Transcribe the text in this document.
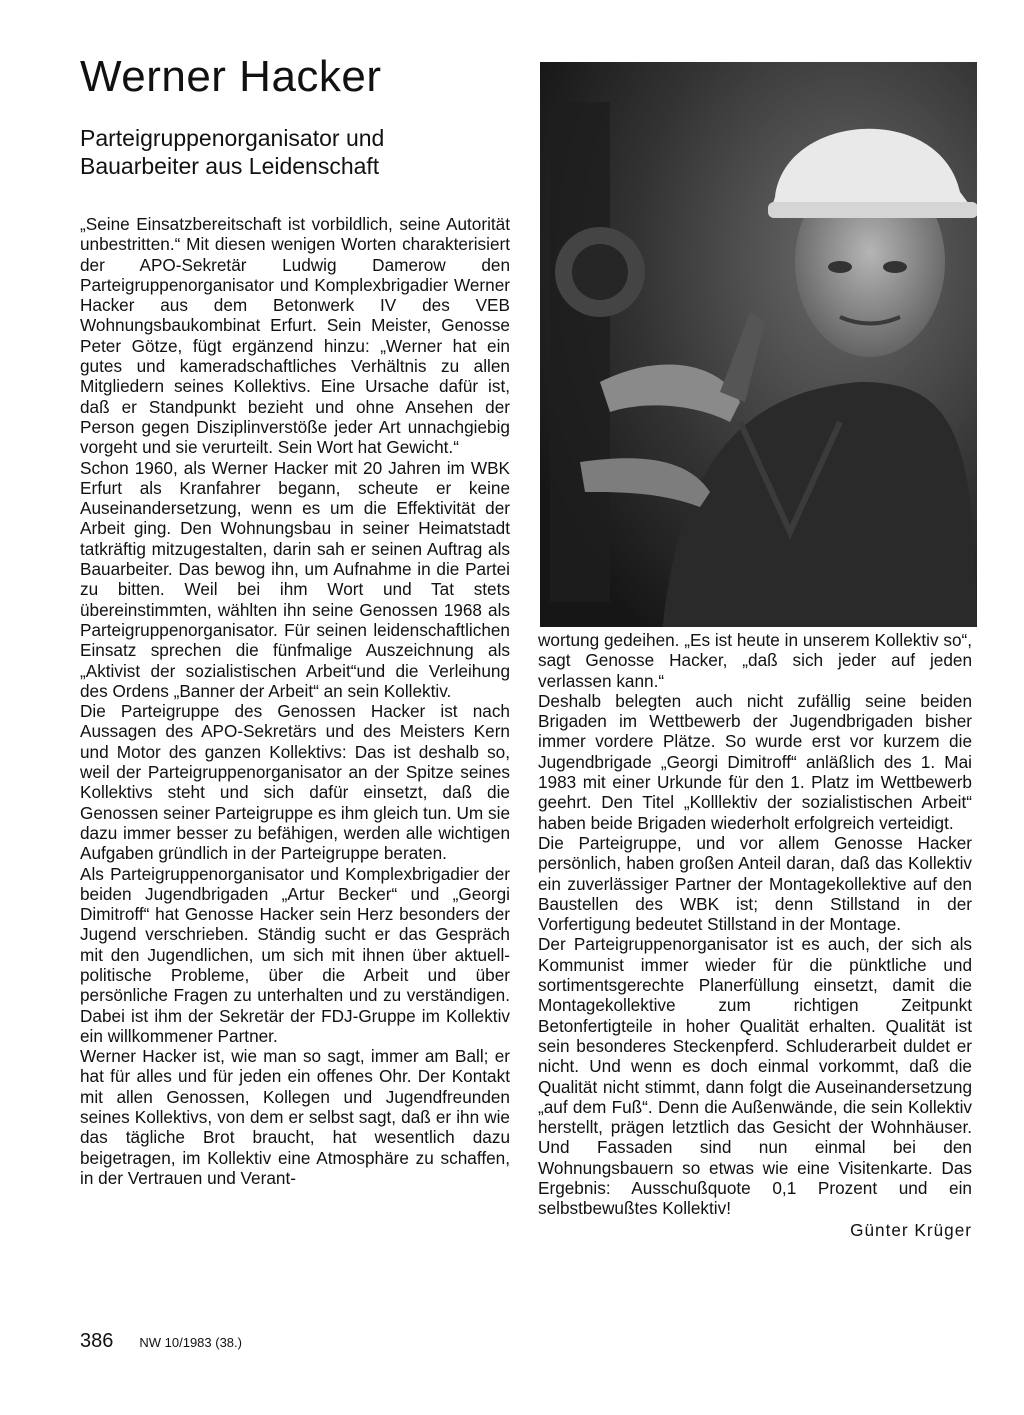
Werner Hacker
Parteigruppenorganisator und Bauarbeiter aus Leidenschaft

„Seine Einsatzbereitschaft ist vorbildlich, seine Autorität unbestritten.“ Mit diesen wenigen Worten charakterisiert der APO-Sekretär Ludwig Damerow den Parteigruppenorganisator und Komplexbrigadier Werner Hacker aus dem Betonwerk IV des VEB Wohnungsbaukombinat Erfurt. Sein Meister, Genosse Peter Götze, fügt ergänzend hinzu: „Werner hat ein gutes und kameradschaftliches Verhältnis zu allen Mitgliedern seines Kollektivs. Eine Ursache dafür ist, daß er Standpunkt bezieht und ohne Ansehen der Person gegen Disziplinverstöße jeder Art unnachgiebig vorgeht und sie verurteilt. Sein Wort hat Gewicht.“

Schon 1960, als Werner Hacker mit 20 Jahren im WBK Erfurt als Kranfahrer begann, scheute er keine Auseinandersetzung, wenn es um die Effektivität der Arbeit ging. Den Wohnungsbau in seiner Heimatstadt tatkräftig mitzugestalten, darin sah er seinen Auftrag als Bauarbeiter. Das bewog ihn, um Aufnahme in die Partei zu bitten. Weil bei ihm Wort und Tat stets übereinstimmten, wählten ihn seine Genossen 1968 als Parteigruppenorganisator. Für seinen leidenschaftlichen Einsatz sprechen die fünfmalige Auszeichnung als „Aktivist der sozialistischen Arbeit“und die Verleihung des Ordens „Banner der Arbeit“ an sein Kollektiv.

Die Parteigruppe des Genossen Hacker ist nach Aussagen des APO-Sekretärs und des Meisters Kern und Motor des ganzen Kollektivs: Das ist deshalb so, weil der Parteigruppenorganisator an der Spitze seines Kollektivs steht und sich dafür einsetzt, daß die Genossen seiner Parteigruppe es ihm gleich tun. Um sie dazu immer besser zu befähigen, werden alle wichtigen Aufgaben gründlich in der Parteigruppe beraten.

Als Parteigruppenorganisator und Komplexbrigadier der beiden Jugendbrigaden „Artur Becker“ und „Georgi Dimitroff“ hat Genosse Hacker sein Herz besonders der Jugend verschrieben. Ständig sucht er das Gespräch mit den Jugendlichen, um sich mit ihnen über aktuell-politische Probleme, über die Arbeit und über persönliche Fragen zu unterhalten und zu verständigen. Dabei ist ihm der Sekretär der FDJ-Gruppe im Kollektiv ein willkommener Partner.

Werner Hacker ist, wie man so sagt, immer am Ball; er hat für alles und für jeden ein offenes Ohr. Der Kontakt mit allen Genossen, Kollegen und Jugendfreunden seines Kollektivs, von dem er selbst sagt, daß er ihn wie das tägliche Brot braucht, hat wesentlich dazu beigetragen, im Kollektiv eine Atmosphäre zu schaffen, in der Vertrauen und Verant-

wortung gedeihen. „Es ist heute in unserem Kollektiv so“, sagt Genosse Hacker, „daß sich jeder auf jeden verlassen kann.“

Deshalb belegten auch nicht zufällig seine beiden Brigaden im Wettbewerb der Jugendbrigaden bisher immer vordere Plätze. So wurde erst vor kurzem die Jugendbrigade „Georgi Dimitroff“ anläßlich des 1. Mai 1983 mit einer Urkunde für den 1. Platz im Wettbewerb geehrt. Den Titel „Kolllektiv der sozialistischen Arbeit“ haben beide Brigaden wiederholt erfolgreich verteidigt.

Die Parteigruppe, und vor allem Genosse Hacker persönlich, haben großen Anteil daran, daß das Kollektiv ein zuverlässiger Partner der Montagekollektive auf den Baustellen des WBK ist; denn Stillstand in der Vorfertigung bedeutet Stillstand in der Montage.

Der Parteigruppenorganisator ist es auch, der sich als Kommunist immer wieder für die pünktliche und sortimentsgerechte Planerfüllung einsetzt, damit die Montagekollektive zum richtigen Zeitpunkt Betonfertigteile in hoher Qualität erhalten. Qualität ist sein besonderes Steckenpferd. Schluderarbeit duldet er nicht. Und wenn es doch einmal vorkommt, daß die Qualität nicht stimmt, dann folgt die Auseinandersetzung „auf dem Fuß“. Denn die Außenwände, die sein Kollektiv herstellt, prägen letztlich das Gesicht der Wohnhäuser. Und Fassaden sind nun einmal bei den Wohnungsbauern so etwas wie eine Visitenkarte. Das Ergebnis: Ausschußquote 0,1 Prozent und ein selbstbewußtes Kollektiv!

Günter Krüger

386 NW 10/1983 (38.)
